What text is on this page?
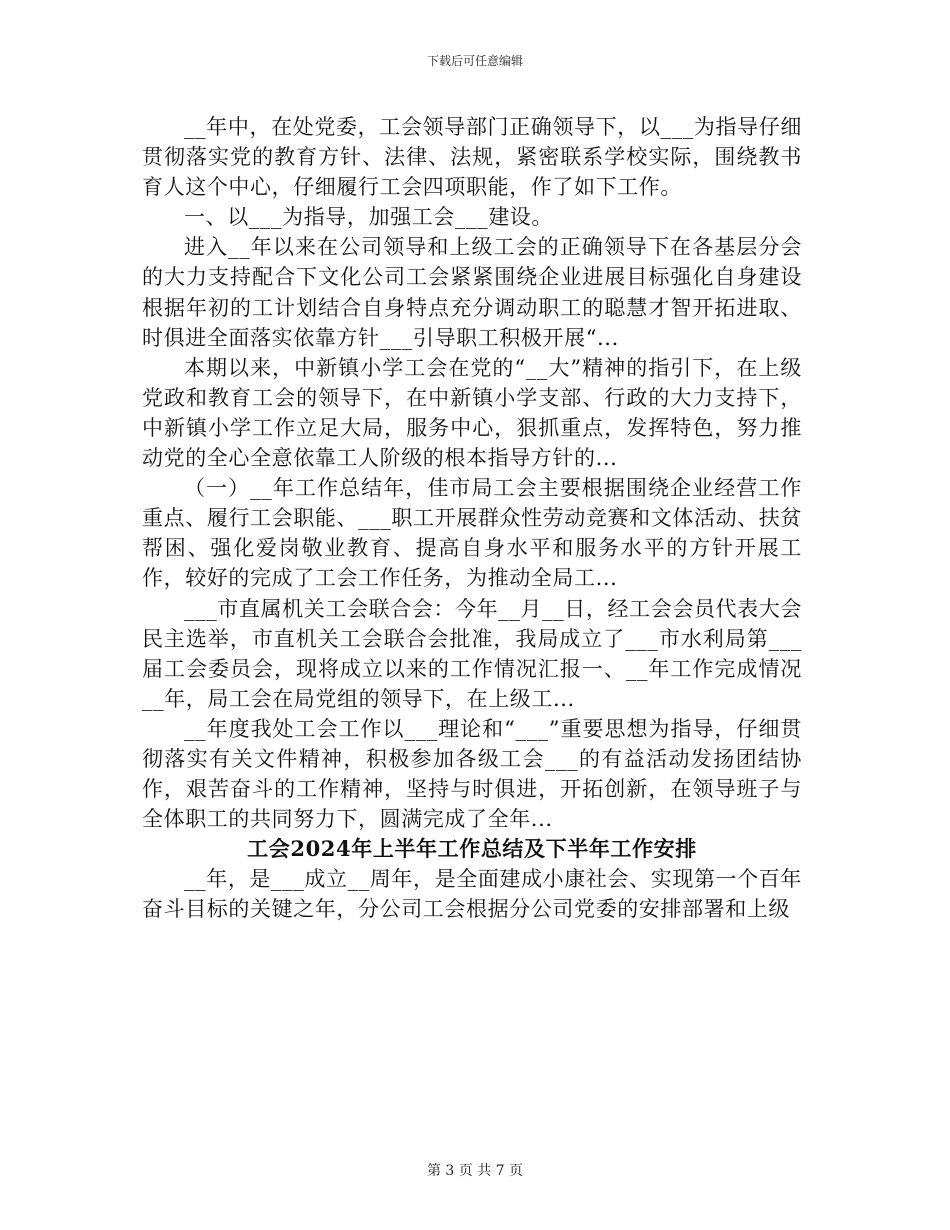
下载后可任意编辑

__年中，在处党委，工会领导部门正确领导下，以___为指导仔细贯彻落实党的教育方针、法律、法规，紧密联系学校实际，围绕教书育人这个中心，仔细履行工会四项职能，作了如下工作。

一、以___为指导，加强工会___建设。

进入__年以来在公司领导和上级工会的正确领导下在各基层分会的大力支持配合下文化公司工会紧紧围绕企业进展目标强化自身建设根据年初的工计划结合自身特点充分调动职工的聪慧才智开拓进取、时俱进全面落实依靠方针___引导职工积极开展“...

本期以来，中新镇小学工会在党的“__大”精神的指引下，在上级党政和教育工会的领导下，在中新镇小学支部、行政的大力支持下，中新镇小学工作立足大局，服务中心，狠抓重点，发挥特色，努力推动党的全心全意依靠工人阶级的根本指导方针的...

（一）__年工作总结年，佳市局工会主要根据围绕企业经营工作重点、履行工会职能、___职工开展群众性劳动竞赛和文体活动、扶贫帮困、强化爱岗敬业教育、提高自身水平和服务水平的方针开展工作，较好的完成了工会工作任务，为推动全局工...

___市直属机关工会联合会：今年__月__日，经工会会员代表大会民主选举，市直机关工会联合会批准，我局成立了___市水利局第___届工会委员会，现将成立以来的工作情况汇报一、__年工作完成情况__年，局工会在局党组的领导下，在上级工...

__年度我处工会工作以___理论和“___”重要思想为指导，仔细贯彻落实有关文件精神，积极参加各级工会___的有益活动发扬团结协作，艰苦奋斗的工作精神，坚持与时俱进，开拓创新，在领导班子与全体职工的共同努力下，圆满完成了全年...

工会2024年上半年工作总结及下半年工作安排

__年，是___成立__周年，是全面建成小康社会、实现第一个百年奋斗目标的关键之年，分公司工会根据分公司党委的安排部署和上级

第 3 页 共 7 页
